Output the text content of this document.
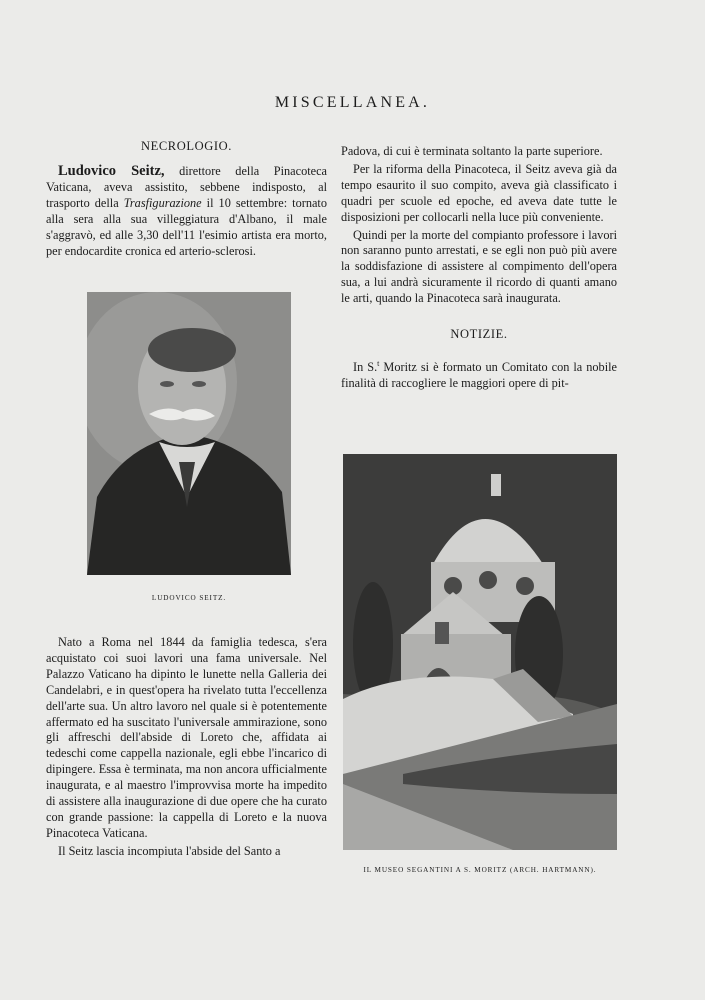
MISCELLANEA.
NECROLOGIO.

Ludovico Seitz, direttore della Pinacoteca Vaticana, aveva assistito, sebbene indisposto, al trasporto della Trasfigurazione il 10 settembre: tornato alla sera alla sua villeggiatura d'Albano, il male s'aggravò, ed alle 3,30 dell'11 l'esimio artista era morto, per endocardite cronica ed arterio-sclerosi.

LUDOVICO SEITZ.

Nato a Roma nel 1844 da famiglia tedesca, s'era acquistato coi suoi lavori una fama universale. Nel Palazzo Vaticano ha dipinto le lunette nella Galleria dei Candelabri, e in quest'opera ha rivelato tutta l'eccellenza dell'arte sua. Un altro lavoro nel quale si è potentemente affermato ed ha suscitato l'universale ammirazione, sono gli affreschi dell'abside di Loreto che, affidata ai tedeschi come cappella nazionale, egli ebbe l'incarico di dipingere. Essa è terminata, ma non ancora ufficialmente inaugurata, e al maestro l'improvvisa morte ha impedito di assistere alla inaugurazione di due opere che ha curato con grande passione: la cappella di Loreto e la nuova Pinacoteca Vaticana.

Il Seitz lascia incompiuta l'abside del Santo a

Padova, di cui è terminata soltanto la parte superiore.

Per la riforma della Pinacoteca, il Seitz aveva già da tempo esaurito il suo compito, aveva già classificato i quadri per scuole ed epoche, ed aveva date tutte le disposizioni per collocarli nella luce più conveniente.

Quindi per la morte del compianto professore i lavori non saranno punto arrestati, e se egli non può più avere la soddisfazione di assistere al compimento dell'opera sua, a lui andrà sicuramente il ricordo di quanti amano le arti, quando la Pinacoteca sarà inaugurata.

NOTIZIE.

In S.$^t$ Moritz si è formato un Comitato con la nobile finalità di raccogliere le maggiori opere di pit-

IL MUSEO SEGANTINI A S. MORITZ (ARCH. HARTMANN).
